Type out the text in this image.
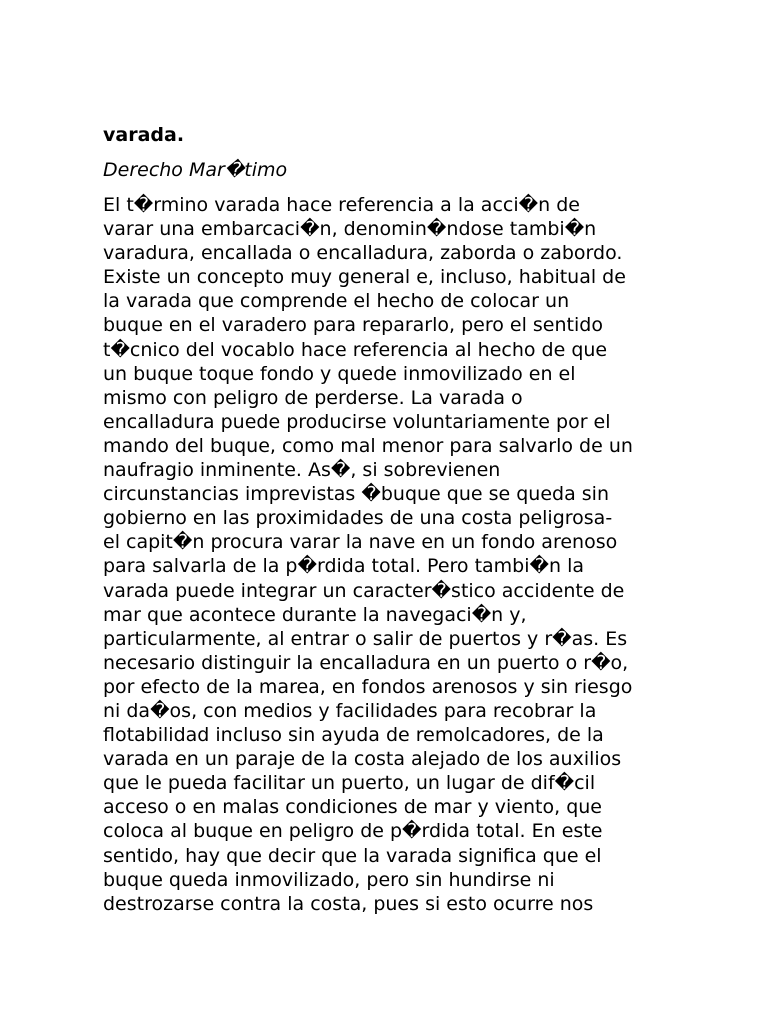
varada.
Derecho Mar�timo
El t�rmino varada hace referencia a la acci�n de
varar una embarcaci�n, denomin�ndose tambi�n
varadura, encallada o encalladura, zaborda o zabordo.
Existe un concepto muy general e, incluso, habitual de
la varada que comprende el hecho de colocar un
buque en el varadero para repararlo, pero el sentido
t�cnico del vocablo hace referencia al hecho de que
un buque toque fondo y quede inmovilizado en el
mismo con peligro de perderse. La varada o
encalladura puede producirse voluntariamente por el
mando del buque, como mal menor para salvarlo de un
naufragio inminente. As�, si sobrevienen
circunstancias imprevistas �buque que se queda sin
gobierno en las proximidades de una costa peligrosa-
el capit�n procura varar la nave en un fondo arenoso
para salvarla de la p�rdida total. Pero tambi�n la
varada puede integrar un caracter�stico accidente de
mar que acontece durante la navegaci�n y,
particularmente, al entrar o salir de puertos y r�as. Es
necesario distinguir la encalladura en un puerto o r�o,
por efecto de la marea, en fondos arenosos y sin riesgo
ni da�os, con medios y facilidades para recobrar la
flotabilidad incluso sin ayuda de remolcadores, de la
varada en un paraje de la costa alejado de los auxilios
que le pueda facilitar un puerto, un lugar de dif�cil
acceso o en malas condiciones de mar y viento, que
coloca al buque en peligro de p�rdida total. En este
sentido, hay que decir que la varada significa que el
buque queda inmovilizado, pero sin hundirse ni
destrozarse contra la costa, pues si esto ocurre nos
